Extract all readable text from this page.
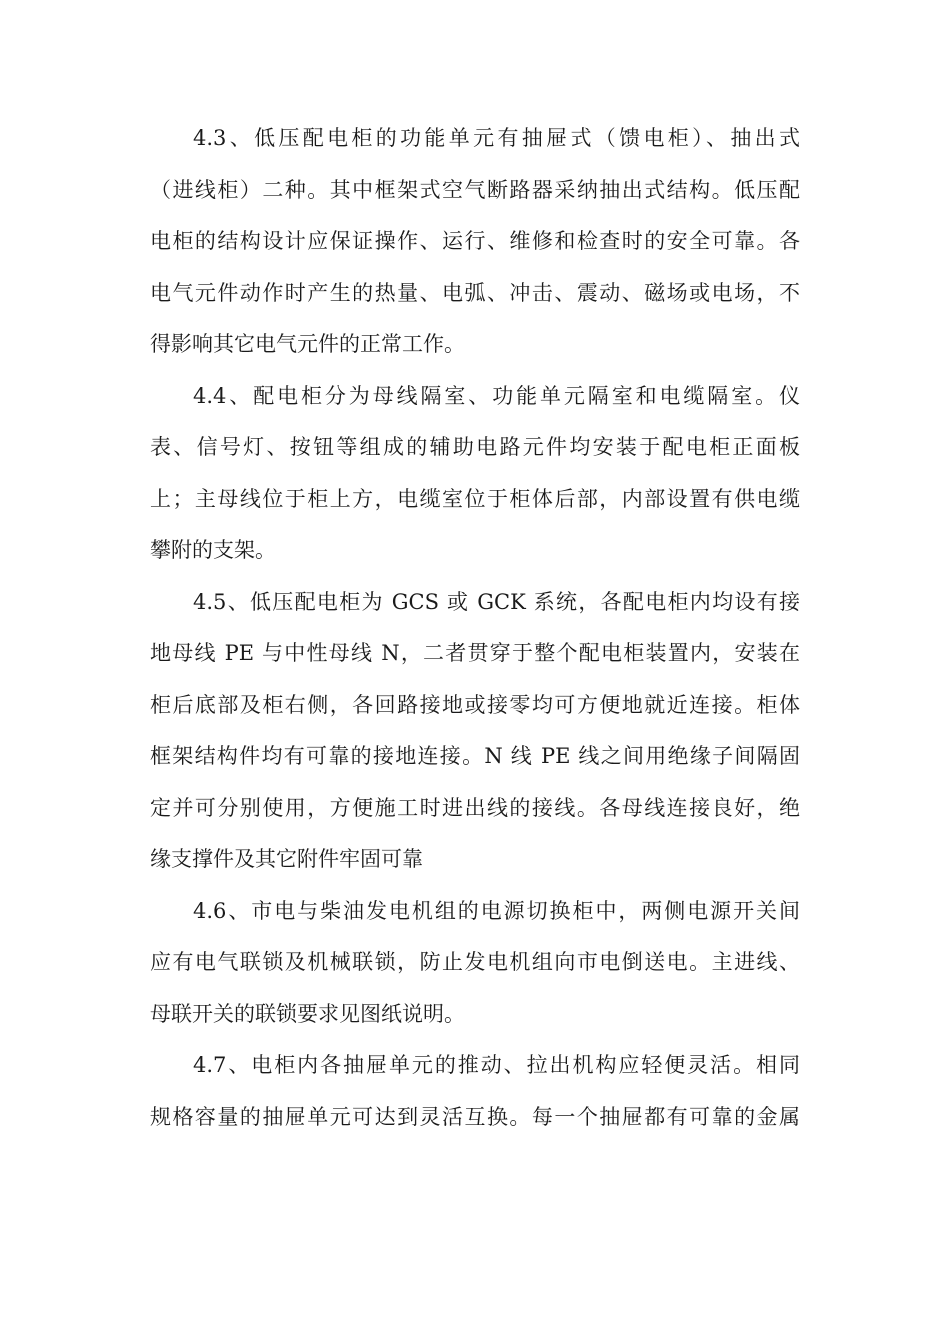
4.3、低压配电柜的功能单元有抽屉式（馈电柜）、抽出式
（进线柜）二种。其中框架式空气断路器采纳抽出式结构。低压配
电柜的结构设计应保证操作、运行、维修和检查时的安全可靠。各
电气元件动作时产生的热量、电弧、冲击、震动、磁场或电场，不
得影响其它电气元件的正常工作。
4.4、配电柜分为母线隔室、功能单元隔室和电缆隔室。仪
表、信号灯、按钮等组成的辅助电路元件均安装于配电柜正面板
上；主母线位于柜上方，电缆室位于柜体后部，内部设置有供电缆
攀附的支架。
4.5、低压配电柜为 GCS 或 GCK 系统，各配电柜内均设有接
地母线 PE 与中性母线 N，二者贯穿于整个配电柜装置内，安装在
柜后底部及柜右侧，各回路接地或接零均可方便地就近连接。柜体
框架结构件均有可靠的接地连接。N 线 PE 线之间用绝缘子间隔固
定并可分别使用，方便施工时进出线的接线。各母线连接良好，绝
缘支撑件及其它附件牢固可靠
4.6、市电与柴油发电机组的电源切换柜中，两侧电源开关间
应有电气联锁及机械联锁，防止发电机组向市电倒送电。主进线、
母联开关的联锁要求见图纸说明。
4.7、电柜内各抽屉单元的推动、拉出机构应轻便灵活。相同
规格容量的抽屉单元可达到灵活互换。每一个抽屉都有可靠的金属
